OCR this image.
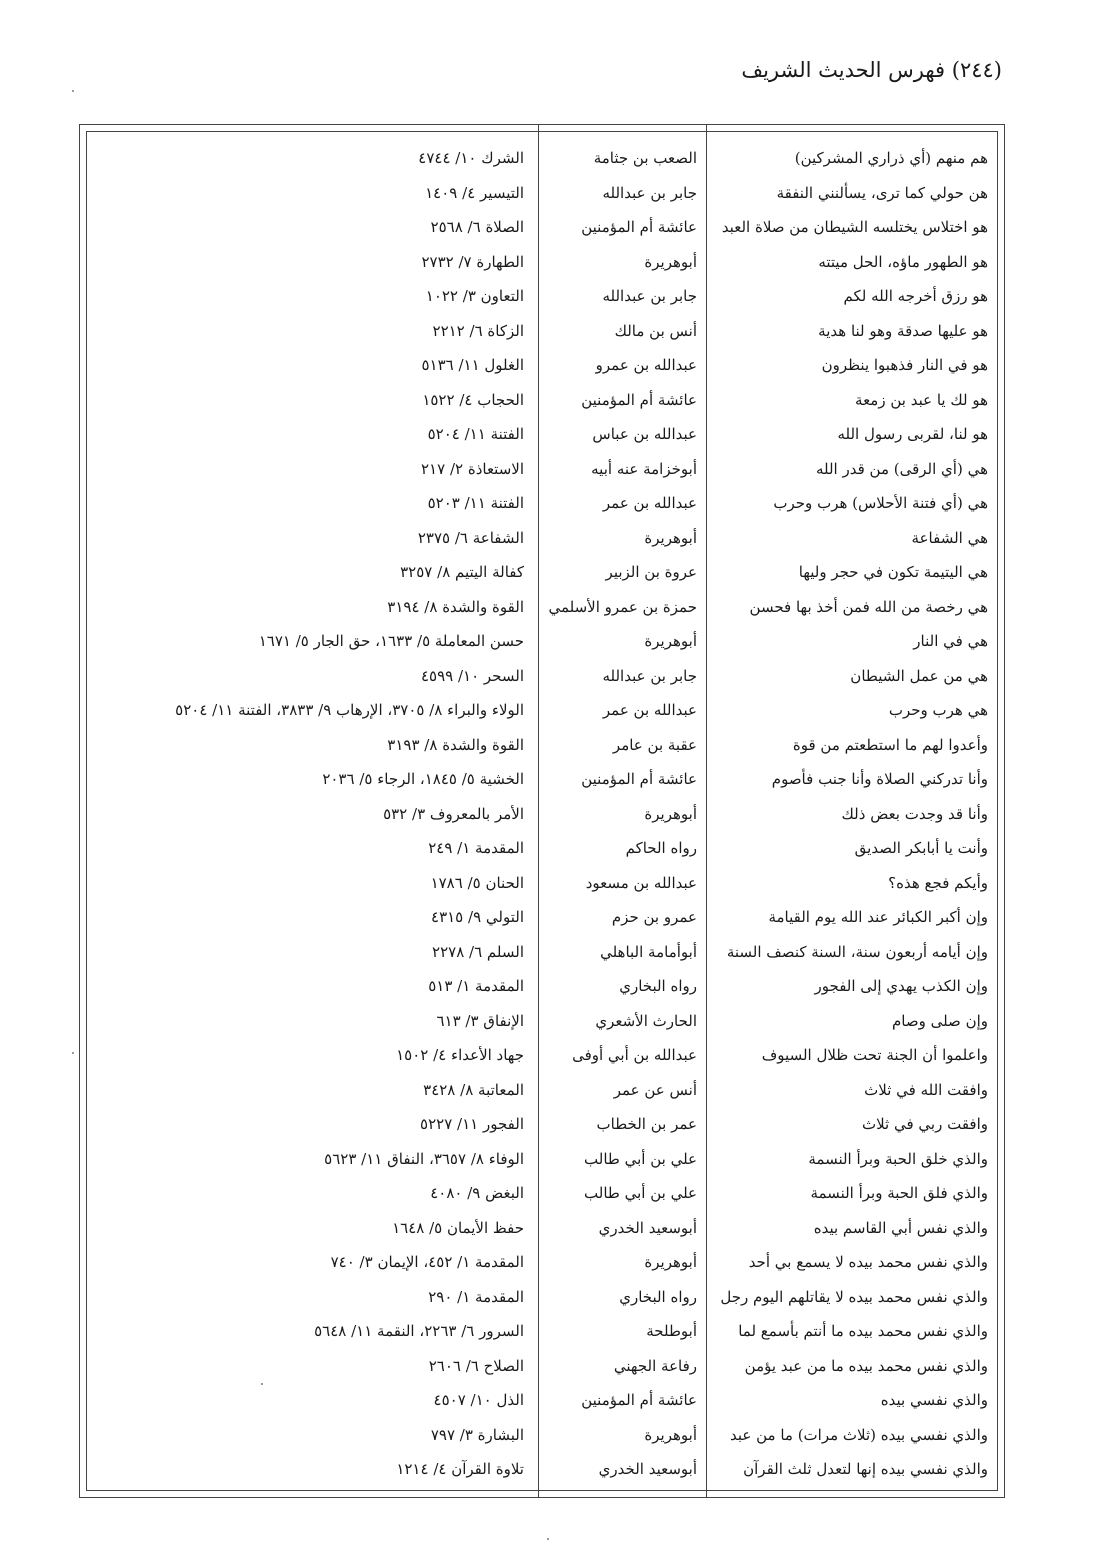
(٢٤٤) فهرس الحديث الشريف
هم منهم (أي ذراري المشركين)
الصعب بن جثامة
الشرك ١٠/ ٤٧٤٤
هن حولي كما ترى، يسألنني النفقة
جابر بن عبدالله
التيسير ٤/ ١٤٠٩
هو اختلاس يختلسه الشيطان من صلاة العبد
عائشة أم المؤمنين
الصلاة ٦/ ٢٥٦٨
هو الطهور ماؤه، الحل ميتته
أبوهريرة
الطهارة ٧/ ٢٧٣٢
هو رزق أخرجه الله لكم
جابر بن عبدالله
التعاون ٣/ ١٠٢٢
هو عليها صدقة وهو لنا هدية
أنس بن مالك
الزكاة ٦/ ٢٢١٢
هو في النار فذهبوا ينظرون
عبدالله بن عمرو
الغلول ١١/ ٥١٣٦
هو لك يا عبد بن زمعة
عائشة أم المؤمنين
الحجاب ٤/ ١٥٢٢
هو لنا، لقربى رسول الله
عبدالله بن عباس
الفتنة ١١/ ٥٢٠٤
هي (أي الرقى) من قدر الله
أبوخزامة عنه أبيه
الاستعاذة ٢/ ٢١٧
هي (أي فتنة الأحلاس) هرب وحرب
عبدالله بن عمر
الفتنة ١١/ ٥٢٠٣
هي الشفاعة
أبوهريرة
الشفاعة ٦/ ٢٣٧٥
هي اليتيمة تكون في حجر وليها
عروة بن الزبير
كفالة اليتيم ٨/ ٣٢٥٧
هي رخصة من الله فمن أخذ بها فحسن
حمزة بن عمرو الأسلمي
القوة والشدة ٨/ ٣١٩٤
هي في النار
أبوهريرة
حسن المعاملة ٥/ ١٦٣٣، حق الجار ٥/ ١٦٧١
هي من عمل الشيطان
جابر بن عبدالله
السحر ١٠/ ٤٥٩٩
هي هرب وحرب
عبدالله بن عمر
الولاء والبراء ٨/ ٣٧٠٥، الإرهاب ٩/ ٣٨٣٣، الفتنة ١١/ ٥٢٠٤
وأعدوا لهم ما استطعتم من قوة
عقبة بن عامر
القوة والشدة ٨/ ٣١٩٣
وأنا تدركني الصلاة وأنا جنب فأصوم
عائشة أم المؤمنين
الخشية ٥/ ١٨٤٥، الرجاء ٥/ ٢٠٣٦
وأنا قد وجدت بعض ذلك
أبوهريرة
الأمر بالمعروف ٣/ ٥٣٢
وأنت يا أبابكر الصديق
رواه الحاكم
المقدمة ١/ ٢٤٩
وأيكم فجع هذه؟
عبدالله بن مسعود
الحنان ٥/ ١٧٨٦
وإن أكبر الكبائر عند الله يوم القيامة
عمرو بن حزم
التولي ٩/ ٤٣١٥
وإن أيامه أربعون سنة، السنة كنصف السنة
أبوأمامة الباهلي
السلم ٦/ ٢٢٧٨
وإن الكذب يهدي إلى الفجور
رواه البخاري
المقدمة ١/ ٥١٣
وإن صلى وصام
الحارث الأشعري
الإنفاق ٣/ ٦١٣
واعلموا أن الجنة تحت ظلال السيوف
عبدالله بن أبي أوفى
جهاد الأعداء ٤/ ١٥٠٢
وافقت الله في ثلاث
أنس عن عمر
المعاتبة ٨/ ٣٤٢٨
وافقت ربي في ثلاث
عمر بن الخطاب
الفجور ١١/ ٥٢٢٧
والذي خلق الحبة وبرأ النسمة
علي بن أبي طالب
الوفاء ٨/ ٣٦٥٧، النفاق ١١/ ٥٦٢٣
والذي فلق الحبة وبرأ النسمة
علي بن أبي طالب
البغض ٩/ ٤٠٨٠
والذي نفس أبي القاسم بيده
أبوسعيد الخدري
حفظ الأيمان ٥/ ١٦٤٨
والذي نفس محمد بيده لا يسمع بي أحد
أبوهريرة
المقدمة ١/ ٤٥٢، الإيمان ٣/ ٧٤٠
والذي نفس محمد بيده لا يقاتلهم اليوم رجل
رواه البخاري
المقدمة ١/ ٢٩٠
والذي نفس محمد بيده ما أنتم بأسمع لما
أبوطلحة
السرور ٦/ ٢٢٦٣، النقمة ١١/ ٥٦٤٨
والذي نفس محمد بيده ما من عبد يؤمن
رفاعة الجهني
الصلاح ٦/ ٢٦٠٦
والذي نفسي بيده
عائشة أم المؤمنين
الذل ١٠/ ٤٥٠٧
والذي نفسي بيده (ثلاث مرات) ما من عبد
أبوهريرة
البشارة ٣/ ٧٩٧
والذي نفسي بيده إنها لتعدل ثلث القرآن
أبوسعيد الخدري
تلاوة القرآن ٤/ ١٢١٤
